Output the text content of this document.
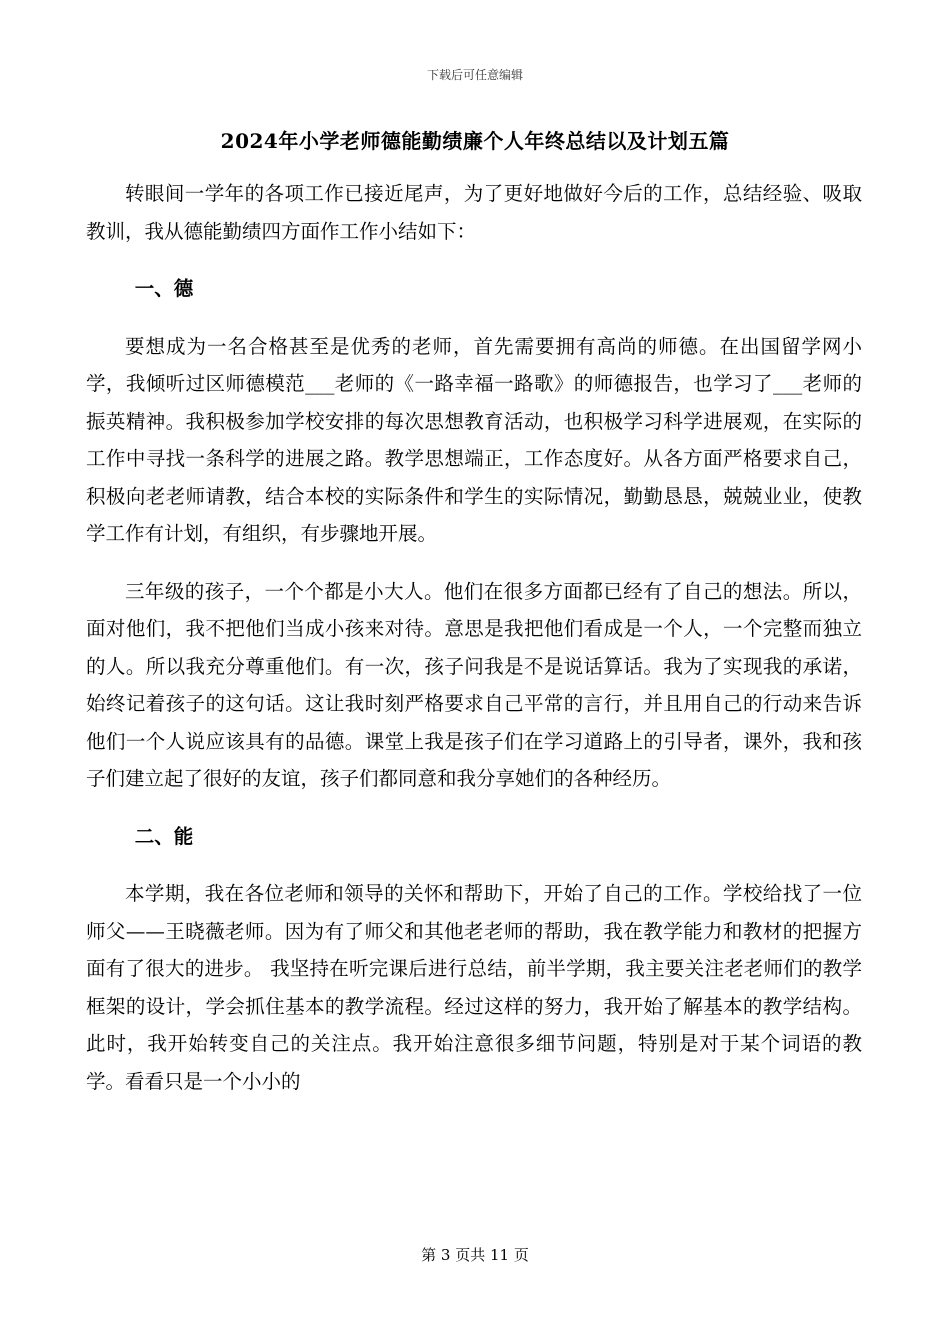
下载后可任意编辑
2024年小学老师德能勤绩廉个人年终总结以及计划五篇

转眼间一学年的各项工作已接近尾声，为了更好地做好今后的工作，总结经验、吸取教训，我从德能勤绩四方面作工作小结如下：

一、德

要想成为一名合格甚至是优秀的老师，首先需要拥有高尚的师德。在出国留学网小学，我倾听过区师德模范___老师的《一路幸福一路歌》的师德报告，也学习了___老师的振英精神。我积极参加学校安排的每次思想教育活动，也积极学习科学进展观，在实际的工作中寻找一条科学的进展之路。教学思想端正，工作态度好。从各方面严格要求自己，积极向老老师请教，结合本校的实际条件和学生的实际情况，勤勤恳恳，兢兢业业，使教学工作有计划，有组织，有步骤地开展。

三年级的孩子，一个个都是小大人。他们在很多方面都已经有了自己的想法。所以，面对他们，我不把他们当成小孩来对待。意思是我把他们看成是一个人，一个完整而独立的人。所以我充分尊重他们。有一次，孩子问我是不是说话算话。我为了实现我的承诺，始终记着孩子的这句话。这让我时刻严格要求自己平常的言行，并且用自己的行动来告诉他们一个人说应该具有的品德。课堂上我是孩子们在学习道路上的引导者，课外，我和孩子们建立起了很好的友谊，孩子们都同意和我分享她们的各种经历。

二、能

本学期，我在各位老师和领导的关怀和帮助下，开始了自己的工作。学校给找了一位师父——王晓薇老师。因为有了师父和其他老老师的帮助，我在教学能力和教材的把握方面有了很大的进步。 我坚持在听完课后进行总结，前半学期，我主要关注老老师们的教学框架的设计，学会抓住基本的教学流程。经过这样的努力，我开始了解基本的教学结构。此时，我开始转变自己的关注点。我开始注意很多细节问题，特别是对于某个词语的教学。看看只是一个小小的

第 3 页共 11 页
